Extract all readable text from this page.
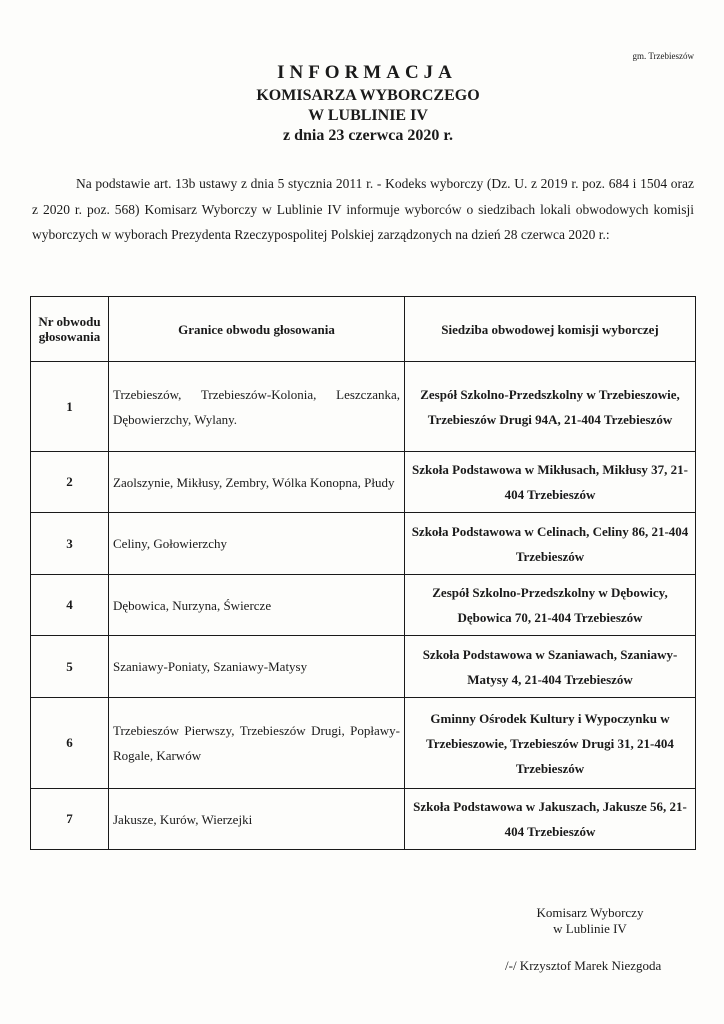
gm. Trzebieszów
INFORMACJA
KOMISARZA WYBORCZEGO
W LUBLINIE IV
z dnia 23 czerwca 2020 r.

Na podstawie art. 13b ustawy z dnia 5 stycznia 2011 r. - Kodeks wyborczy (Dz. U. z 2019 r. poz. 684 i 1504 oraz z 2020 r. poz. 568) Komisarz Wyborczy w Lublinie IV informuje wyborców o siedzibach lokali obwodowych komisji wyborczych w wyborach Prezydenta Rzeczypospolitej Polskiej zarządzonych na dzień 28 czerwca 2020 r.:

Nr obwodu głosowania	Granice obwodu głosowania	Siedziba obwodowej komisji wyborczej
1	Trzebieszów, Trzebieszów-Kolonia, Leszczanka, Dębowierzchy, Wylany.	Zespół Szkolno-Przedszkolny w Trzebieszowie, Trzebieszów Drugi 94A, 21-404 Trzebieszów
2	Zaolszynie, Mikłusy, Zembry, Wólka Konopna, Płudy	Szkoła Podstawowa w Mikłusach, Mikłusy 37, 21-404 Trzebieszów
3	Celiny, Gołowierzchy	Szkoła Podstawowa w Celinach, Celiny 86, 21-404 Trzebieszów
4	Dębowica, Nurzyna, Świercze	Zespół Szkolno-Przedszkolny w Dębowicy, Dębowica 70, 21-404 Trzebieszów
5	Szaniawy-Poniaty, Szaniawy-Matysy	Szkoła Podstawowa w Szaniawach, Szaniawy-Matysy 4, 21-404 Trzebieszów
6	Trzebieszów Pierwszy, Trzebieszów Drugi, Popławy-Rogale, Karwów	Gminny Ośrodek Kultury i Wypoczynku w Trzebieszowie, Trzebieszów Drugi 31, 21-404 Trzebieszów
7	Jakusze, Kurów, Wierzejki	Szkoła Podstawowa w Jakuszach, Jakusze 56, 21-404 Trzebieszów
Komisarz Wyborczy
w Lublinie IV
/-/ Krzysztof Marek Niezgoda
